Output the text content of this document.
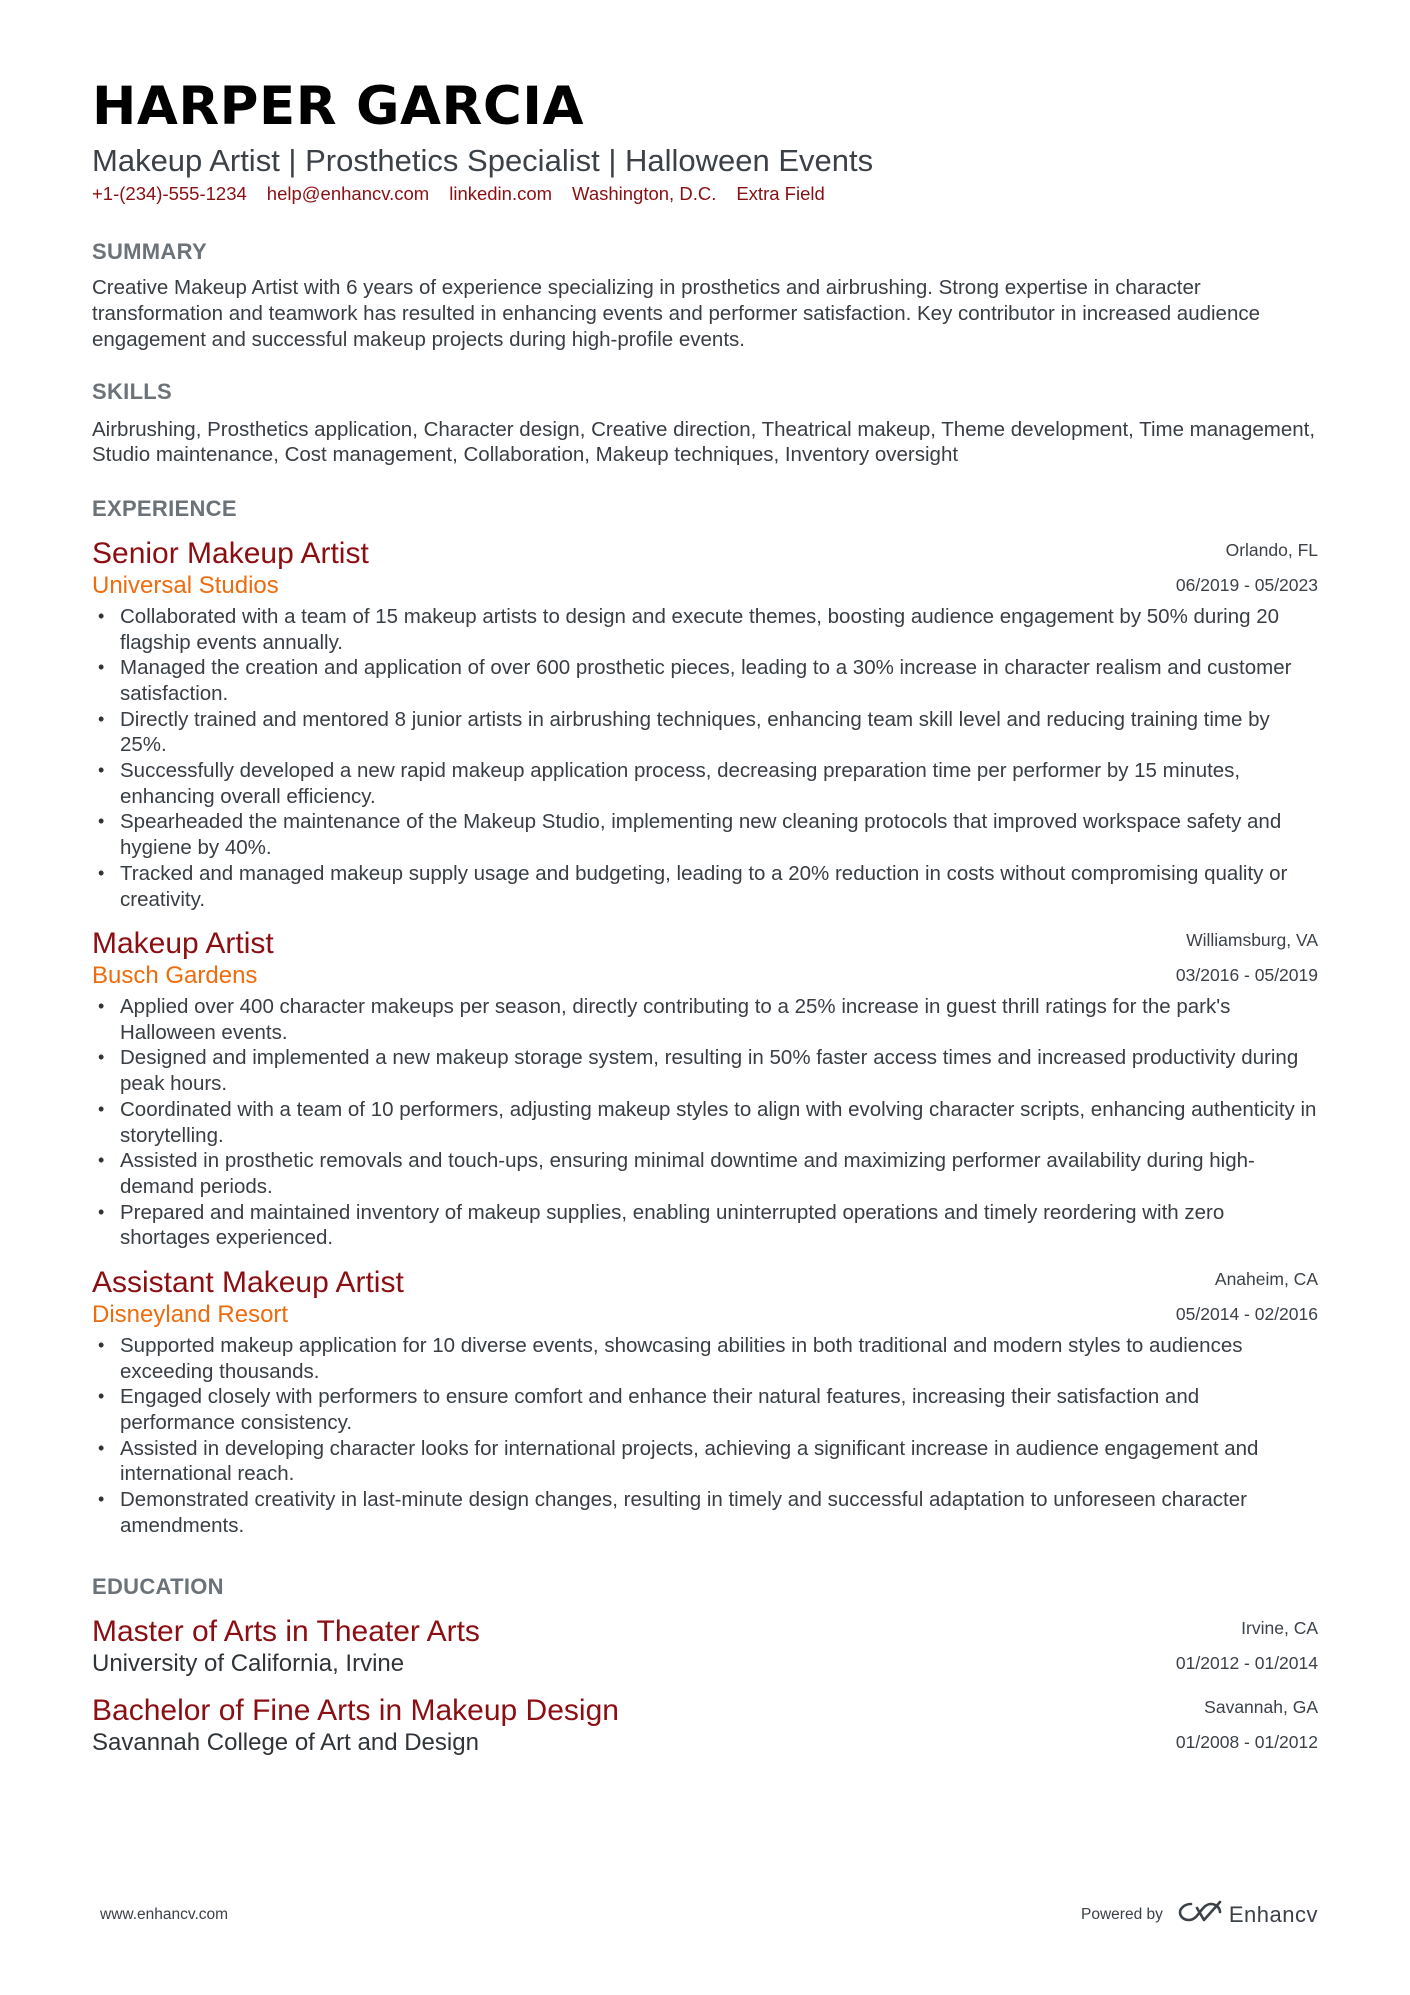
HARPER GARCIA
Makeup Artist | Prosthetics Specialist | Halloween Events
+1-(234)-555-1234 help@enhancv.com linkedin.com Washington, D.C. Extra Field
SUMMARY
Creative Makeup Artist with 6 years of experience specializing in prosthetics and airbrushing. Strong expertise in character transformation and teamwork has resulted in enhancing events and performer satisfaction. Key contributor in increased audience engagement and successful makeup projects during high-profile events.
SKILLS
Airbrushing, Prosthetics application, Character design, Creative direction, Theatrical makeup, Theme development, Time management, Studio maintenance, Cost management, Collaboration, Makeup techniques, Inventory oversight
EXPERIENCE
Senior Makeup Artist
Universal Studios
Orlando, FL
06/2019 - 05/2023
• Collaborated with a team of 15 makeup artists to design and execute themes, boosting audience engagement by 50% during 20 flagship events annually.
• Managed the creation and application of over 600 prosthetic pieces, leading to a 30% increase in character realism and customer satisfaction.
• Directly trained and mentored 8 junior artists in airbrushing techniques, enhancing team skill level and reducing training time by 25%.
• Successfully developed a new rapid makeup application process, decreasing preparation time per performer by 15 minutes, enhancing overall efficiency.
• Spearheaded the maintenance of the Makeup Studio, implementing new cleaning protocols that improved workspace safety and hygiene by 40%.
• Tracked and managed makeup supply usage and budgeting, leading to a 20% reduction in costs without compromising quality or creativity.
Makeup Artist
Busch Gardens
Williamsburg, VA
03/2016 - 05/2019
• Applied over 400 character makeups per season, directly contributing to a 25% increase in guest thrill ratings for the park's Halloween events.
• Designed and implemented a new makeup storage system, resulting in 50% faster access times and increased productivity during peak hours.
• Coordinated with a team of 10 performers, adjusting makeup styles to align with evolving character scripts, enhancing authenticity in storytelling.
• Assisted in prosthetic removals and touch-ups, ensuring minimal downtime and maximizing performer availability during high-demand periods.
• Prepared and maintained inventory of makeup supplies, enabling uninterrupted operations and timely reordering with zero shortages experienced.
Assistant Makeup Artist
Disneyland Resort
Anaheim, CA
05/2014 - 02/2016
• Supported makeup application for 10 diverse events, showcasing abilities in both traditional and modern styles to audiences exceeding thousands.
• Engaged closely with performers to ensure comfort and enhance their natural features, increasing their satisfaction and performance consistency.
• Assisted in developing character looks for international projects, achieving a significant increase in audience engagement and international reach.
• Demonstrated creativity in last-minute design changes, resulting in timely and successful adaptation to unforeseen character amendments.
EDUCATION
Master of Arts in Theater Arts
University of California, Irvine
Irvine, CA
01/2012 - 01/2014
Bachelor of Fine Arts in Makeup Design
Savannah College of Art and Design
Savannah, GA
01/2008 - 01/2012
www.enhancv.com	Powered by	Enhancv
